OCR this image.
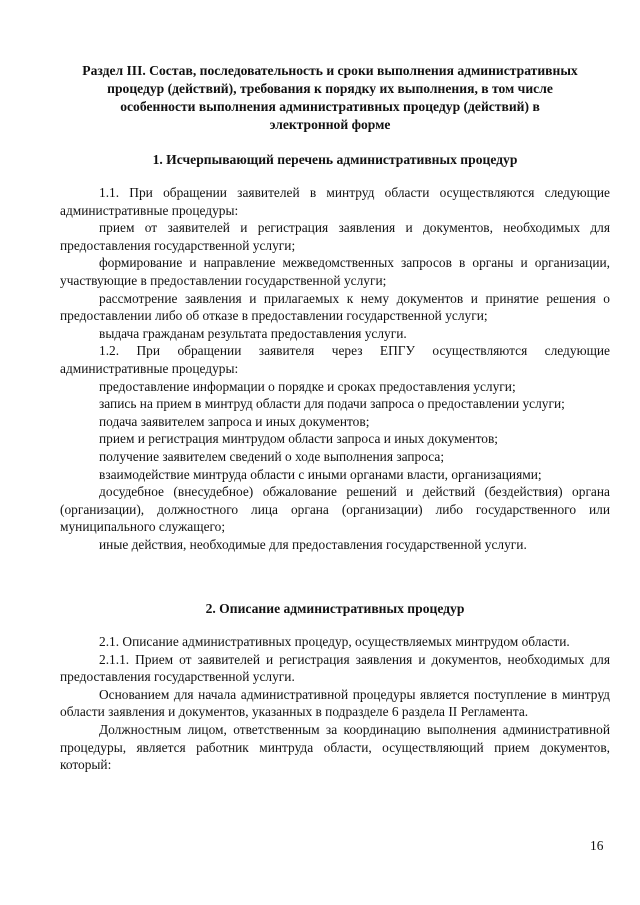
Раздел III. Состав, последовательность и сроки выполнения административных процедур (действий), требования к порядку их выполнения, в том числе особенности выполнения административных процедур (действий) в электронной форме
1. Исчерпывающий перечень административных процедур

1.1. При обращении заявителей в минтруд области осуществляются следующие административные процедуры:

прием от заявителей и регистрация заявления и документов, необходимых для предоставления государственной услуги;

формирование и направление межведомственных запросов в органы и организации, участвующие в предоставлении государственной услуги;

рассмотрение заявления и прилагаемых к нему документов и принятие решения о предоставлении либо об отказе в предоставлении государственной услуги;

выдача гражданам результата предоставления услуги.

1.2. При обращении заявителя через ЕПГУ осуществляются следующие административные процедуры:

предоставление информации о порядке и сроках предоставления услуги;

запись на прием в минтруд области для подачи запроса о предоставлении услуги;

подача заявителем запроса и иных документов;

прием и регистрация минтрудом области запроса и иных документов;

получение заявителем сведений о ходе выполнения запроса;

взаимодействие минтруда области с иными органами власти, организациями;

досудебное (внесудебное) обжалование решений и действий (бездействия) органа (организации), должностного лица органа (организации) либо государственного или муниципального служащего;

иные действия, необходимые для предоставления государственной услуги.

2. Описание административных процедур

2.1. Описание административных процедур, осуществляемых минтрудом области.

2.1.1. Прием от заявителей и регистрация заявления и документов, необходимых для предоставления государственной услуги.

Основанием для начала административной процедуры является поступление в минтруд области заявления и документов, указанных в подразделе 6 раздела II Регламента.

Должностным лицом, ответственным за координацию выполнения административной процедуры, является работник минтруда области, осуществляющий прием документов, который:

16
